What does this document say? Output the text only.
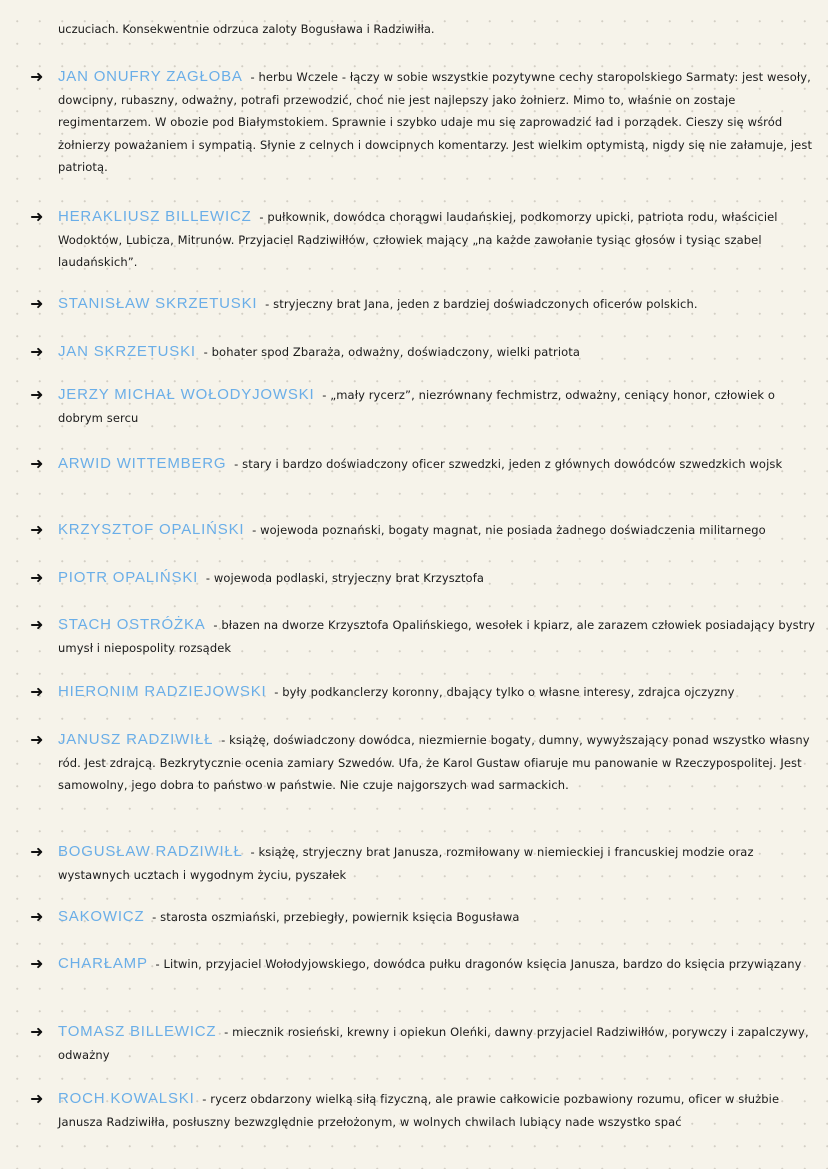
uczuciach. Konsekwentnie odrzuca zaloty Bogusława i Radziwiłła.
➜ JAN ONUFRY ZAGŁOBA - herbu Wczele - łączy w sobie wszystkie pozytywne cechy staropolskiego Sarmaty: jest wesoły, dowcipny, rubaszny, odważny, potrafi przewodzić, choć nie jest najlepszy jako żołnierz. Mimo to, właśnie on zostaje regimentarzem. W obozie pod Białymstokiem. Sprawnie i szybko udaje mu się zaprowadzić ład i porządek. Cieszy się wśród żołnierzy poważaniem i sympatią. Słynie z celnych i dowcipnych komentarzy. Jest wielkim optymistą, nigdy się nie załamuje, jest patriotą.
➜ HERAKLIUSZ BILLEWICZ - pułkownik, dowódca chorągwi laudańskiej, podkomorzy upicki, patriota rodu, właściciel Wodoktów, Lubicza, Mitrunów. Przyjaciel Radziwiłłów, człowiek mający „na każde zawołanie tysiąc głosów i tysiąc szabel laudańskich”.
➜ STANISŁAW SKRZETUSKI - stryjeczny brat Jana, jeden z bardziej doświadczonych oficerów polskich.
➜ JAN SKRZETUSKI - bohater spod Zbaraża, odważny, doświadczony, wielki patriota
➜ JERZY MICHAŁ WOŁODYJOWSKI - „mały rycerz”, niezrównany fechmistrz, odważny, ceniący honor, człowiek o dobrym sercu
➜ ARWID WITTEMBERG - stary i bardzo doświadczony oficer szwedzki, jeden z głównych dowódców szwedzkich wojsk
➜ KRZYSZTOF OPALIŃSKI - wojewoda poznański, bogaty magnat, nie posiada żadnego doświadczenia militarnego
➜ PIOTR OPALIŃSKI - wojewoda podlaski, stryjeczny brat Krzysztofa
➜ STACH OSTRÓŻKA - błazen na dworze Krzysztofa Opalińskiego, wesołek i kpiarz, ale zarazem człowiek posiadający bystry umysł i niepospolity rozsądek
➜ HIERONIM RADZIEJOWSKI - były podkanclerzy koronny, dbający tylko o własne interesy, zdrajca ojczyzny
➜ JANUSZ RADZIWIŁŁ - książę, doświadczony dowódca, niezmiernie bogaty, dumny, wywyższający ponad wszystko własny ród. Jest zdrajcą. Bezkrytycznie ocenia zamiary Szwedów. Ufa, że Karol Gustaw ofiaruje mu panowanie w Rzeczypospolitej. Jest samowolny, jego dobra to państwo w państwie. Nie czuje najgorszych wad sarmackich.
➜ BOGUSŁAW RADZIWIŁŁ - książę, stryjeczny brat Janusza, rozmiłowany w niemieckiej i francuskiej modzie oraz wystawnych ucztach i wygodnym życiu, pyszałek
➜ SAKOWICZ - starosta oszmiański, przebiegły, powiernik księcia Bogusława
➜ CHARŁAMP - Litwin, przyjaciel Wołodyjowskiego, dowódca pułku dragonów księcia Janusza, bardzo do księcia przywiązany
➜ TOMASZ BILLEWICZ - miecznik rosieński, krewny i opiekun Oleńki, dawny przyjaciel Radziwiłłów, porywczy i zapalczywy, odważny
➜ ROCH KOWALSKI - rycerz obdarzony wielką siłą fizyczną, ale prawie całkowicie pozbawiony rozumu, oficer w służbie Janusza Radziwiłła, posłuszny bezwzględnie przełożonym, w wolnych chwilach lubiący nade wszystko spać
